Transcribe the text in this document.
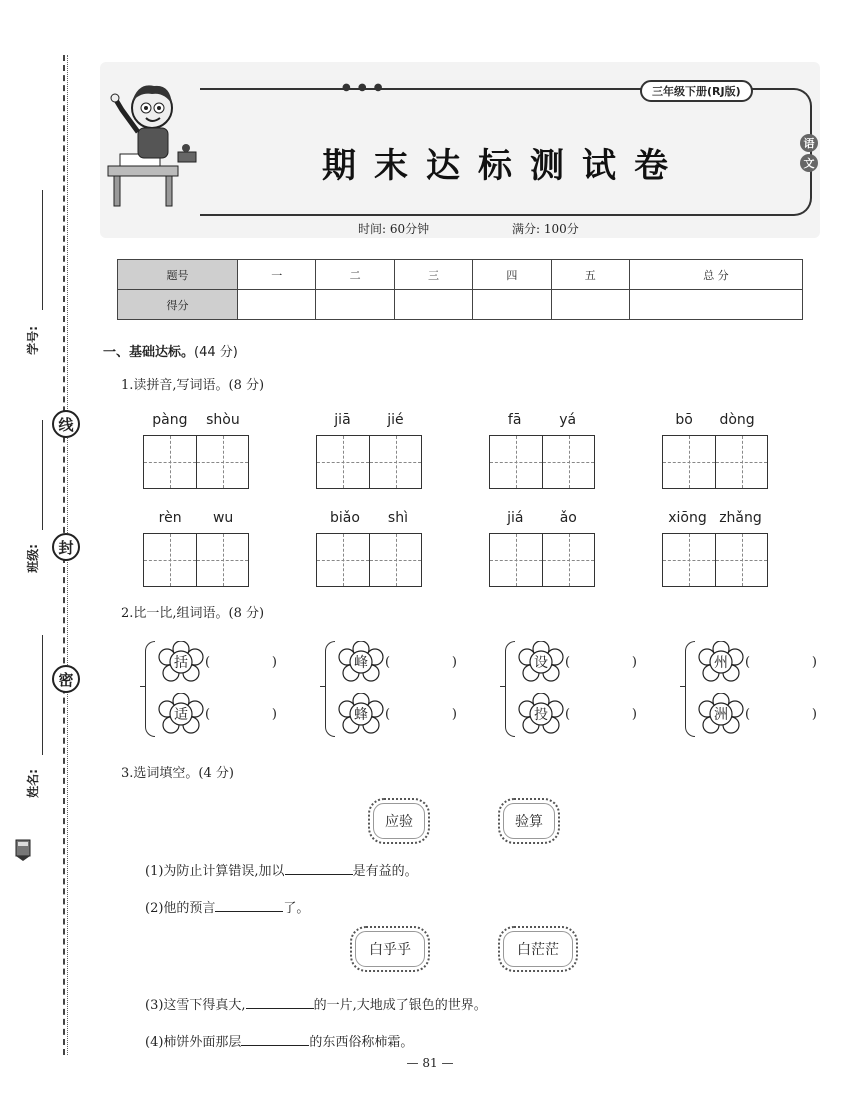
学号:
线
班级:	封
密
姓名:
● ● ●	三年级下册(RJ版)
期末达标测试卷
语
文
时间: 60分钟	满分: 100分
题号	一	二	三	四	五	总 分
得分						
一、基础达标。(44 分)
1.读拼音,写词语。(8 分)
pàng shòu	jiā	jié	fā	yá	bō dòng
rèn wu	biǎo shì	jiá	ǎo	xiōng zhǎng
2.比一比,组词语。(8 分)
括	(	)
适	(	)
峰	(	)
蜂	(	)
设	(	)
投	(	)
州	(	)
洲	(	)
3.选词填空。(4 分)
应验	验算
(1)为防止计算错误,加以	是有益的。
(2)他的预言	了。
白乎乎	白茫茫
(3)这雪下得真大,	的一片,大地成了银色的世界。
(4)柿饼外面那层	的东西俗称柿霜。
— 81 —
